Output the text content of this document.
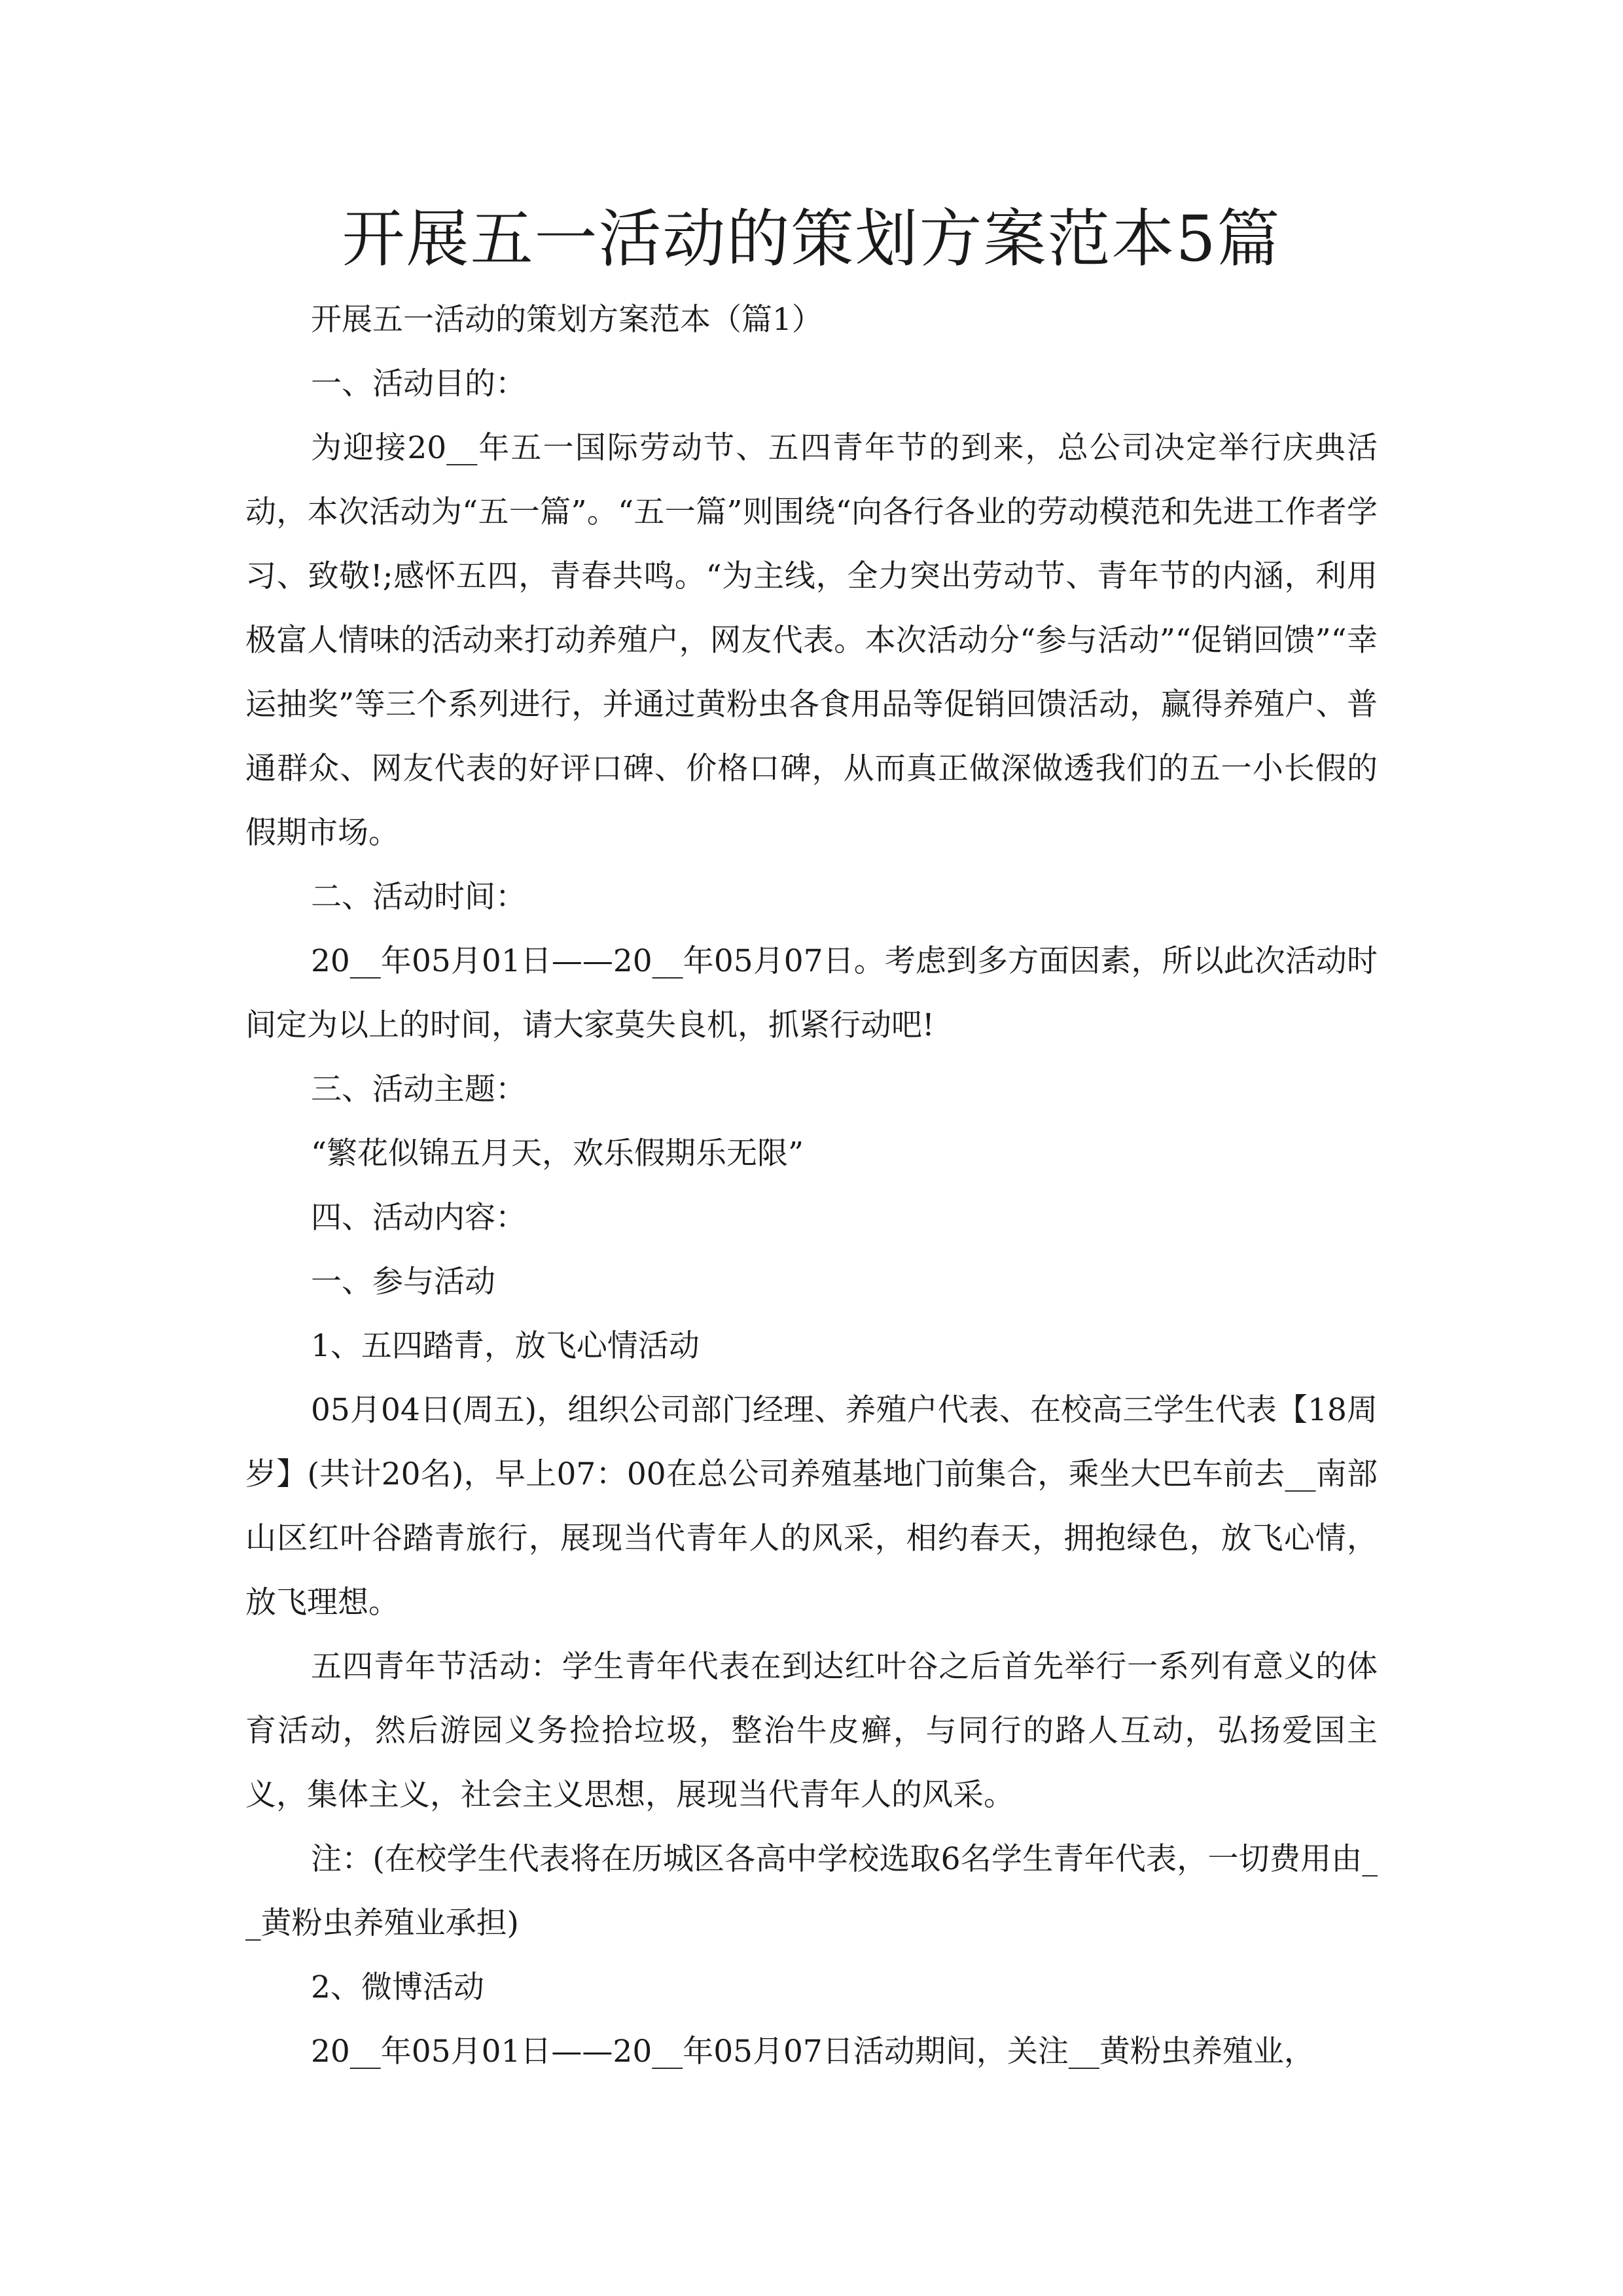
开展五一活动的策划方案范本5篇

开展五一活动的策划方案范本（篇1）

一、活动目的：

为迎接20__年五一国际劳动节、五四青年节的到来，总公司决定举行庆典活动，本次活动为“五一篇”。“五一篇”则围绕“向各行各业的劳动模范和先进工作者学习、致敬!;感怀五四，青春共鸣。“为主线，全力突出劳动节、青年节的内涵，利用极富人情味的活动来打动养殖户，网友代表。本次活动分“参与活动”“促销回馈”“幸运抽奖”等三个系列进行，并通过黄粉虫各食用品等促销回馈活动，赢得养殖户、普通群众、网友代表的好评口碑、价格口碑，从而真正做深做透我们的五一小长假的假期市场。

二、活动时间：

20__年05月01日——20__年05月07日。考虑到多方面因素，所以此次活动时间定为以上的时间，请大家莫失良机，抓紧行动吧!

三、活动主题：

“繁花似锦五月天，欢乐假期乐无限”

四、活动内容：

一、参与活动

1、五四踏青，放飞心情活动

05月04日(周五)，组织公司部门经理、养殖户代表、在校高三学生代表【18周岁】(共计20名)，早上07：00在总公司养殖基地门前集合，乘坐大巴车前去__南部山区红叶谷踏青旅行，展现当代青年人的风采，相约春天，拥抱绿色，放飞心情，放飞理想。

五四青年节活动：学生青年代表在到达红叶谷之后首先举行一系列有意义的体育活动，然后游园义务捡拾垃圾，整治牛皮癣，与同行的路人互动，弘扬爱国主义，集体主义，社会主义思想，展现当代青年人的风采。

注：(在校学生代表将在历城区各高中学校选取6名学生青年代表，一切费用由__黄粉虫养殖业承担)

2、微博活动

20__年05月01日——20__年05月07日活动期间，关注__黄粉虫养殖业，
